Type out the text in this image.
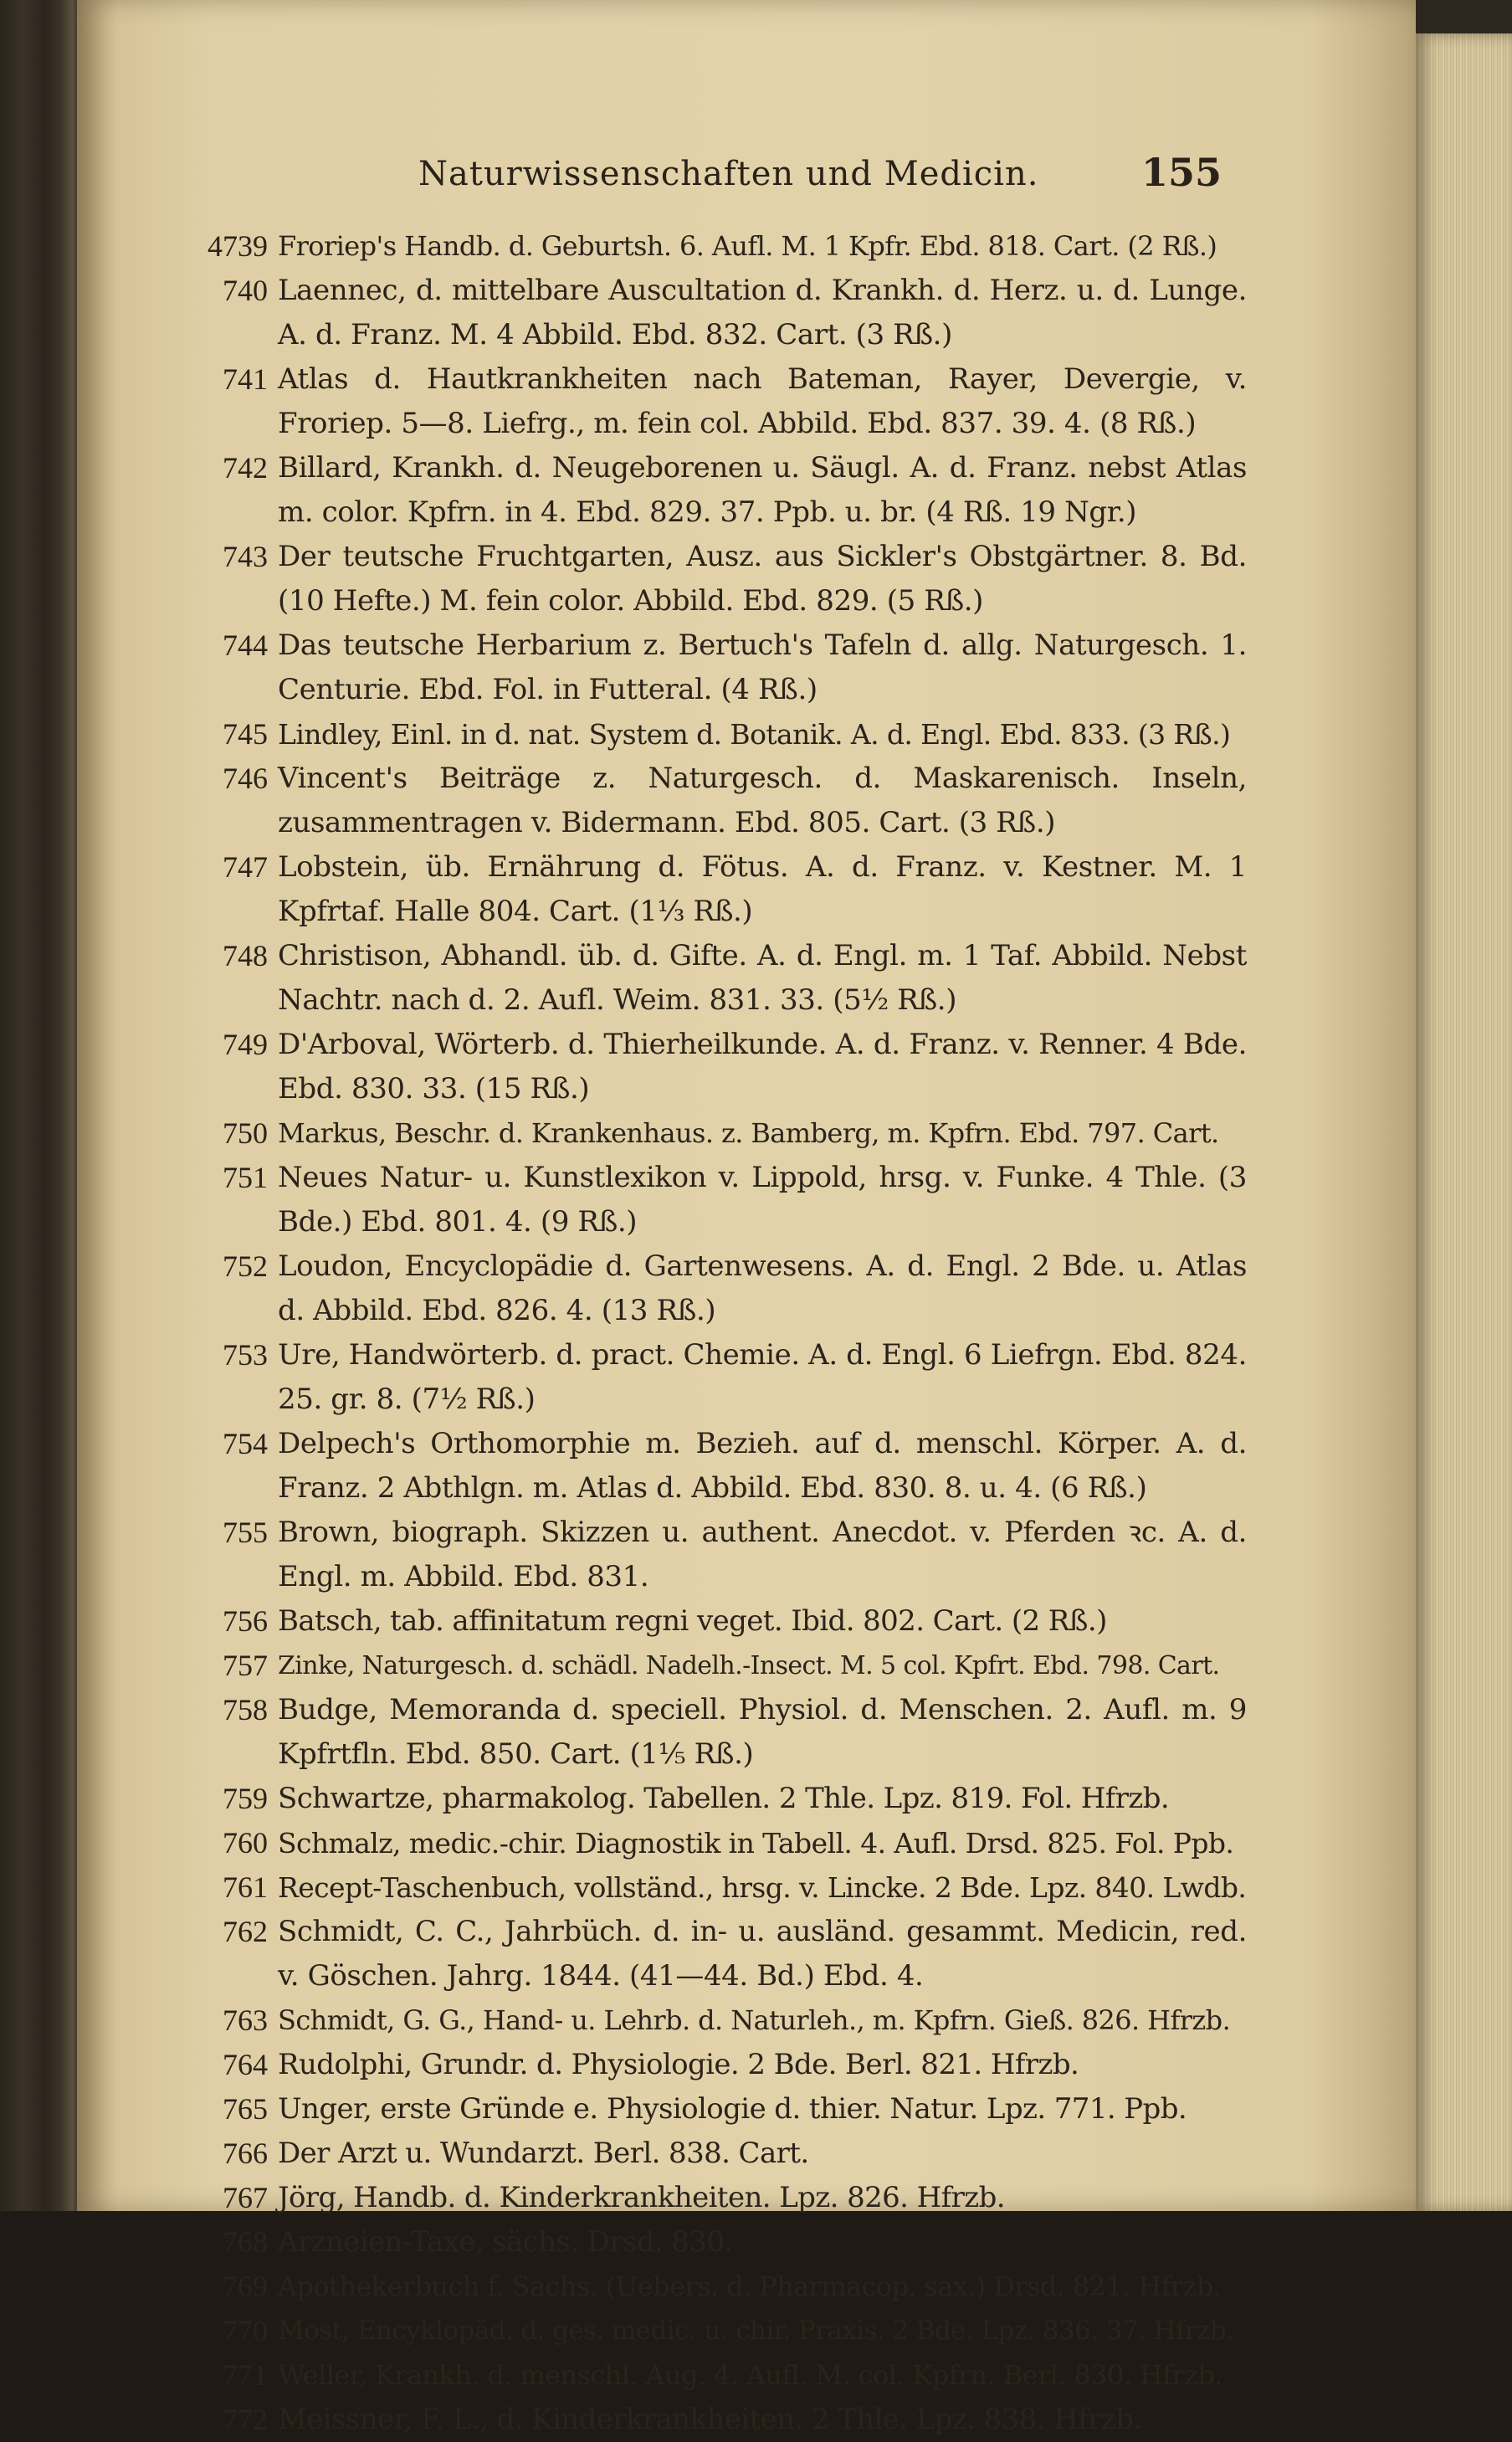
Naturwissenschaften und Medicin.	155
4739 Froriep's Handb. d. Geburtsh. 6. Aufl. M. 1 Kpfr. Ebd. 818. Cart. (2 Rß.)
740 Laennec, d. mittelbare Auscultation d. Krankh. d. Herz. u. d. Lunge. A. d. Franz. M. 4 Abbild. Ebd. 832. Cart. (3 Rß.)
741 Atlas d. Hautkrankheiten nach Bateman, Rayer, Devergie, v. Froriep. 5—8. Liefrg., m. fein col. Abbild. Ebd. 837. 39. 4. (8 Rß.)
742 Billard, Krankh. d. Neugeborenen u. Säugl. A. d. Franz. nebst Atlas m. color. Kpfrn. in 4. Ebd. 829. 37. Ppb. u. br. (4 Rß. 19 Ngr.)
743 Der teutsche Fruchtgarten, Ausz. aus Sickler's Obstgärtner. 8. Bd. (10 Hefte.) M. fein color. Abbild. Ebd. 829. (5 Rß.)
744 Das teutsche Herbarium z. Bertuch's Tafeln d. allg. Naturgesch. 1. Centurie. Ebd. Fol. in Futteral. (4 Rß.)
745 Lindley, Einl. in d. nat. System d. Botanik. A. d. Engl. Ebd. 833. (3 Rß.)
746 Vincent's Beiträge z. Naturgesch. d. Maskarenisch. Inseln, zusammentragen v. Bidermann. Ebd. 805. Cart. (3 Rß.)
747 Lobstein, üb. Ernährung d. Fötus. A. d. Franz. v. Kestner. M. 1 Kpfrtaf. Halle 804. Cart. (1⅓ Rß.)
748 Christison, Abhandl. üb. d. Gifte. A. d. Engl. m. 1 Taf. Abbild. Nebst Nachtr. nach d. 2. Aufl. Weim. 831. 33. (5½ Rß.)
749 D'Arboval, Wörterb. d. Thierheilkunde. A. d. Franz. v. Renner. 4 Bde. Ebd. 830. 33. (15 Rß.)
750 Markus, Beschr. d. Krankenhaus. z. Bamberg, m. Kpfrn. Ebd. 797. Cart.
751 Neues Natur- u. Kunstlexikon v. Lippold, hrsg. v. Funke. 4 Thle. (3 Bde.) Ebd. 801. 4. (9 Rß.)
752 Loudon, Encyclopädie d. Gartenwesens. A. d. Engl. 2 Bde. u. Atlas d. Abbild. Ebd. 826. 4. (13 Rß.)
753 Ure, Handwörterb. d. pract. Chemie. A. d. Engl. 6 Liefrgn. Ebd. 824. 25. gr. 8. (7½ Rß.)
754 Delpech's Orthomorphie m. Bezieh. auf d. menschl. Körper. A. d. Franz. 2 Abthlgn. m. Atlas d. Abbild. Ebd. 830. 8. u. 4. (6 Rß.)
755 Brown, biograph. Skizzen u. authent. Anecdot. v. Pferden ꝛc. A. d. Engl. m. Abbild. Ebd. 831.
756 Batsch, tab. affinitatum regni veget. Ibid. 802. Cart. (2 Rß.)
757 Zinke, Naturgesch. d. schädl. Nadelh.-Insect. M. 5 col. Kpfrt. Ebd. 798. Cart.
758 Budge, Memoranda d. speciell. Physiol. d. Menschen. 2. Aufl. m. 9 Kpfrtfln. Ebd. 850. Cart. (1⅕ Rß.)
759 Schwartze, pharmakolog. Tabellen. 2 Thle. Lpz. 819. Fol. Hfrzb.
760 Schmalz, medic.-chir. Diagnostik in Tabell. 4. Aufl. Drsd. 825. Fol. Ppb.
761 Recept-Taschenbuch, vollständ., hrsg. v. Lincke. 2 Bde. Lpz. 840. Lwdb.
762 Schmidt, C. C., Jahrbüch. d. in- u. ausländ. gesammt. Medicin, red. v. Göschen. Jahrg. 1844. (41—44. Bd.) Ebd. 4.
763 Schmidt, G. G., Hand- u. Lehrb. d. Naturleh., m. Kpfrn. Gieß. 826. Hfrzb.
764 Rudolphi, Grundr. d. Physiologie. 2 Bde. Berl. 821. Hfrzb.
765 Unger, erste Gründe e. Physiologie d. thier. Natur. Lpz. 771. Ppb.
766 Der Arzt u. Wundarzt. Berl. 838. Cart.
767 Jörg, Handb. d. Kinderkrankheiten. Lpz. 826. Hfrzb.
768 Arzneien-Taxe, sächs. Drsd. 830.
769 Apothekerbuch f. Sachs. (Uebers. d. Pharmacop. sax.) Drsd. 821. Hfrzb.
770 Most, Encyklopäd. d. ges. medic. u. chir. Praxis. 2 Bde. Lpz. 836. 37. Hfrzb.
771 Weller, Krankh. d. menschl. Aug. 4. Aufl. M. col. Kpfrn. Berl. 830. Hfrzb.
772 Meissner, F. L., d. Kinderkrankheiten. 2 Thle. Lpz. 838. Hfrzb.
